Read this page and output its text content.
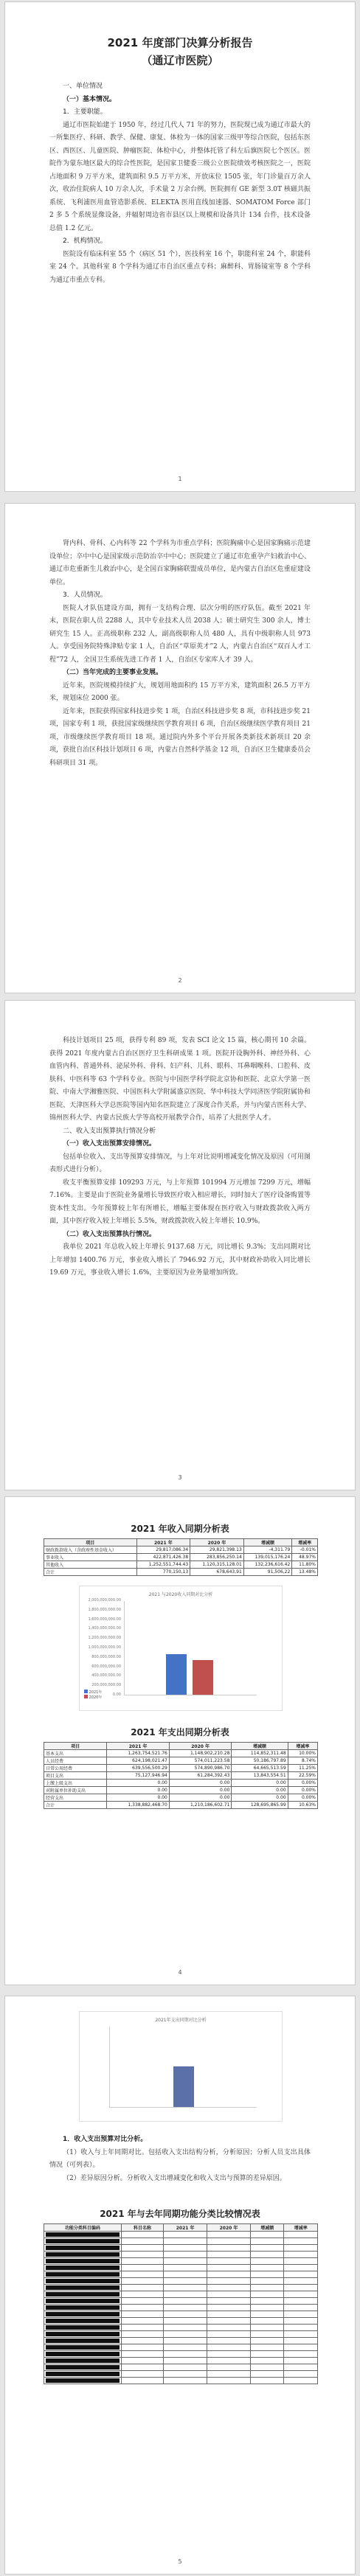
2021 年度部门决算分析报告
（通辽市医院）
一、单位情况
（一）基本情况。
1．主要职能。
通辽市医院始建于 1950 年，经过几代人 71 年的努力，医院现已成为通辽市最大的一所集医疗、科研、教学、保健、康复、体检为一体的国家三级甲等综合医院，包括东医区、西医区、儿童医院、肿瘤医院、体检中心，并整体托管了科左后旗医院七个医区。医院作为蒙东地区最大的综合性医院，是国家卫健委三级公立医院绩效考核医院之一，医院占地面积 9 万平方米，建筑面积 9.5 万平方米，开放床位 1505 张，年门诊量百万余人次，收治住院病人 10 万余人次，手术量 2 万余台例。医院拥有 GE 新型 3.0T 核磁共振系统、飞利浦医用血管造影系统、ELEKTA 医用直线加速器、SOMATOM Force 部门 2 多 5 个系统显像设备，并辐射周边省市县区以上规模和设备共计 134 台件，技术设备总值 1.2 亿元。
2．机构情况。
医院设有临床科室 55 个（病区 51 个），医技科室 16 个，职能科室 24 个，职能科室 24 个。其他科室 8 个学科为通辽市自治区重点专科；麻醉科、胃肠镜室等 8 个学科为通辽市重点专科。
1
肾内科、骨科、心内科等 22 个学科为市重点学科；医院胸痛中心是国家胸痛示范建设单位；卒中中心是国家级示范防治卒中中心；医院建立了通辽市危重孕产妇救治中心、通辽市危重新生儿救治中心，是全国百家胸痛联盟成员单位，是内蒙古自治区危重症建设单位。
3．人员情况。
医院人才队伍建设方面，拥有一支结构合理、层次分明的医疗队伍。截至 2021 年末，医院在职人员 2288 人，其中专业技术人员 2038 人；硕士研究生 300 余人，博士研究生 15 人。正高级职称 232 人，副高级职称人员 480 人，具有中级职称人员 973 人。享受国务院特殊津贴专家 1 人，自治区“草原英才”2 人，内蒙古自治区“双百人才工程”72 人，全国卫生系统先进工作者 1 人，自治区专家库人才 39 人。
（二）当年完成的主要事业发展。
近年来，医院规模持续扩大，规划用地面积约 15 万平方米，建筑面积 26.5 万平方米，规划床位 2000 张。
近年来，医院获得国家科技进步奖 1 项，自治区科技进步奖 8 项，市科技进步奖 21 项，国家专利 1 项，获批国家级继续医学教育项目 6 项，自治区级继续医学教育项目 21 项，市级继续医学教育项目 18 项。通过院内外多个平台开展各类新技术新项目 20 余项，获批自治区科技计划项目 6 项，内蒙古自然科学基金 12 项，自治区卫生健康委员会科研项目 31 项。
2
科技计划项目 25 项，获得专利 89 项，发表 SCI 论文 15 篇，核心期刊 10 余篇。获得 2021 年度内蒙古自治区医疗卫生科研成果 1 项。医院开设胸外科、神经外科、心血管内科、普通外科、泌尿外科、骨科、妇产科、儿科、眼科、耳鼻咽喉科、口腔科、皮肤科、中医科等 63 个学科专业。医院与中国医学科学院北京协和医院、北京大学第一医院、中南大学湘雅医院、中国医科大学附属盛京医院、华中科技大学同济医学院附属协和医院、天津医科大学总医院等国内知名医院建立了深度合作关系，并与内蒙古医科大学、锦州医科大学、内蒙古民族大学等高校开展教学合作，培养了大批医学人才。
二、收入支出预算执行情况分析
（一）收入支出预算安排情况。
包括单位收入、支出等预算安排情况，与上年对比说明增减变化情况及原因（可用图表形式进行分析）。
收支平衡预算安排 109293 万元，与上年预算 101994 万元增加 7299 万元，增幅 7.16%。主要是由于医院业务量增长导致医疗收入相应增长，同时加大了医疗设备购置等资本性支出。今年预算较上年有所增长，增幅主要体现在医疗收入与财政拨款收入两方面，其中医疗收入较上年增长 5.5%，财政拨款收入较上年增长 10.9%。
（二）收入支出预算执行情况。
我单位 2021 年总收入较上年增长 9137.68 万元，同比增长 9.3%；支出同期对比上年增加 1400.76 万元，事业收入增长了 7946.92 万元，其中财政补助收入同比增长 19.69 万元，事业收入增长 1.6%，主要原因为业务量增加所致。
3
2021 年收入同期分析表
项目	2021 年	2020 年	增减额	增减率
财政拨款收入（含政府性基金收入）	29,817,086.34	29,821,398.13	-4,311.79	-0.01%
事业收入	422,871,426.38	283,856,250.14	139,015,176.24	48.97%
其他收入	1,252,551,744.43	1,120,315,128.01	132,236,616.42	11.80%
合计	770,150,13	678,643,91	91,506,22	13.48%
2021 与2020收入同期对比分析
2,000,000,000.00
1,800,000,000.00
1,600,000,000.00
1,400,000,000.00
1,200,000,000.00
1,000,000,000.00
800,000,000.00
600,000,000.00
400,000,000.00
200,000,000.00
0.00
2021年
2020年
2021 年支出同期分析表
项目	2021 年	2020 年	增减额	增减率
基本支出	1,263,754,521.76	1,148,902,210.28	114,852,311.48	10.00%
人员经费	624,198,021.47	574,011,223.58	50,186,797.89	8.74%
日常公用经费	639,556,500.29	574,890,986.70	64,665,513.59	11.25%
项目支出	75,127,946.94	61,284,392.43	13,843,554.51	22.59%
上缴上级支出	0.00	0.00	0.00	0.00%
对附属单位补助支出	0.00	0.00	0.00	0.00%
经营支出	0.00	0.00	0.00	0.00%
合计	1,338,882,468.70	1,210,186,602.71	128,695,865.99	10.63%
4
2021年支出同期对比分析
1．收入支出预算对比分析。
（1）收入与上年同期对比。包括收入支出结构分析，分析原因；分析人员支出具体情况（可列表）。
（2）差异原因分析。分析收入支出增减变化和收入支出与预算的差异原因。
2021 年与去年同期功能分类比较情况表
功能分类科目编码	科目名称	2021 年	2020 年	增减额	增减率

5
